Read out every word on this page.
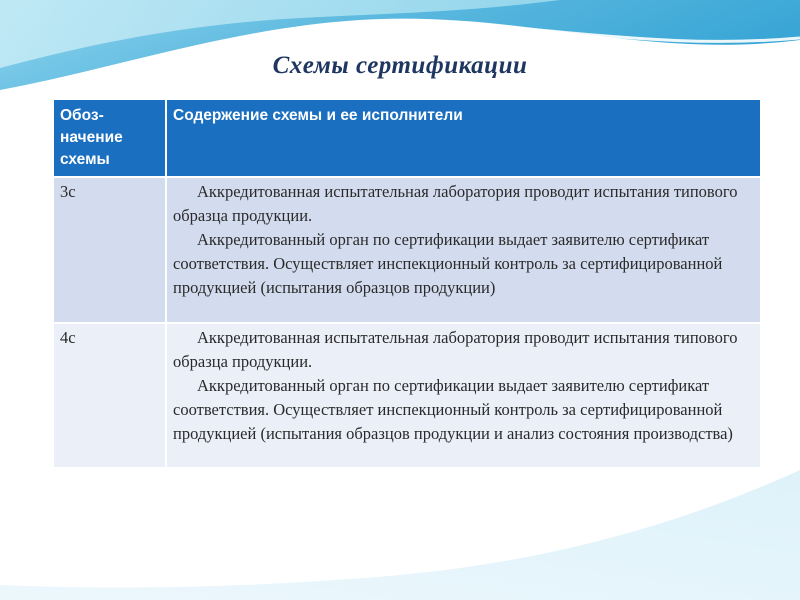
Схемы сертификации
Обоз-
начение
схемы	Содержение схемы и ее исполнители
3с	Аккредитованная испытательная лаборатория проводит испытания типового образца продукции.
Аккредитованный орган по сертификации выдает заявителю сертификат соответствия. Осуществляет инспекционный контроль за сертифицированной продукцией (испытания образцов продукции)

4с	Аккредитованная испытательная лаборатория проводит испытания типового образца продукции.
Аккредитованный орган по сертификации выдает заявителю сертификат соответствия. Осуществляет инспекционный контроль за сертифицированной продукцией (испытания образцов продукции и анализ состояния производства)
